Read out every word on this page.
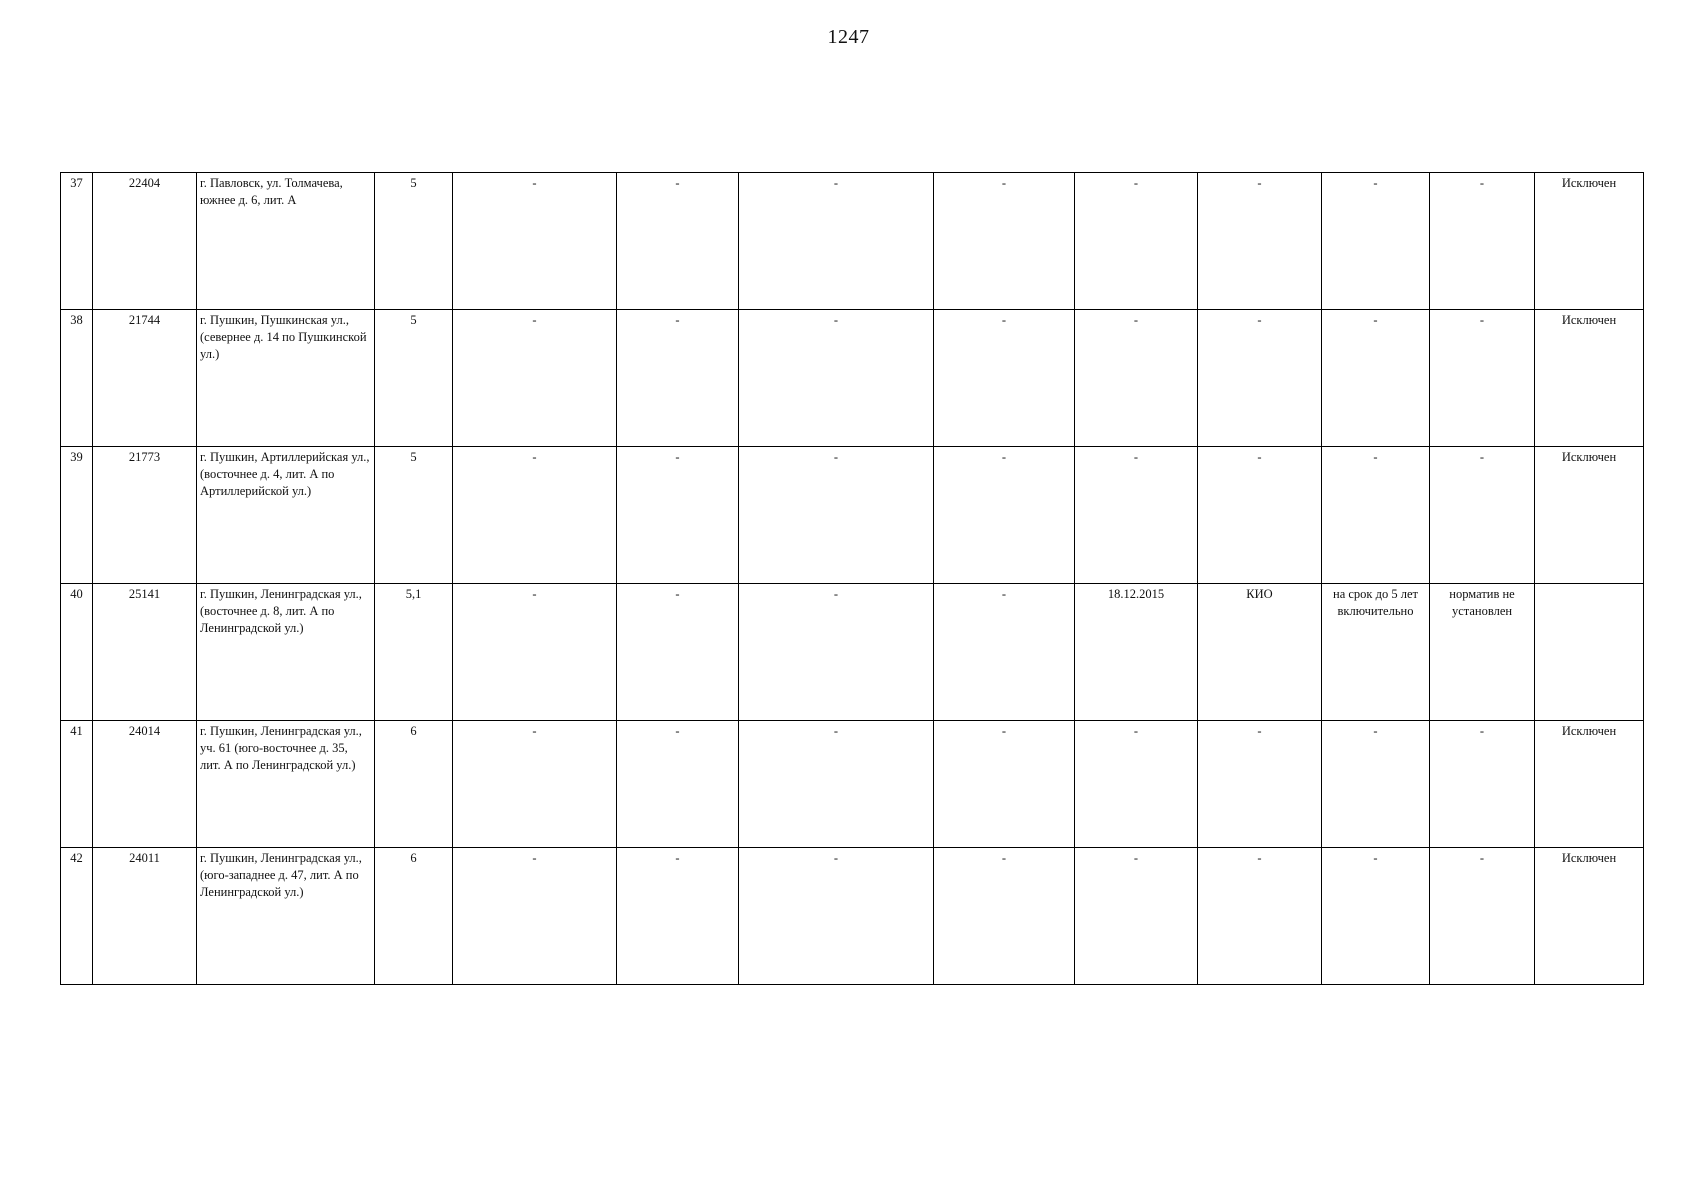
1247
37	22404	г. Павловск, ул. Толмачева, южнее д. 6, лит. А	5	-	-	-	-	-	-	-	-	Исключен
38	21744	г. Пушкин, Пушкинская ул., (севернее д. 14 по Пушкинской ул.)	5	-	-	-	-	-	-	-	-	Исключен
39	21773	г. Пушкин, Артиллерийская ул., (восточнее д. 4, лит. А по Артиллерийской ул.)	5	-	-	-	-	-	-	-	-	Исключен
40	25141	г. Пушкин, Ленинградская ул., (восточнее д. 8, лит. А по Ленинградской ул.)	5,1	-	-	-	-	18.12.2015	КИО	на срок до 5 лет включительно	норматив не установлен	
41	24014	г. Пушкин, Ленинградская ул., уч. 61 (юго-восточнее д. 35, лит. А по Ленинградской ул.)	6	-	-	-	-	-	-	-	-	Исключен
42	24011	г. Пушкин, Ленинградская ул., (юго-западнее д. 47, лит. А по Ленинградской ул.)	6	-	-	-	-	-	-	-	-	Исключен
